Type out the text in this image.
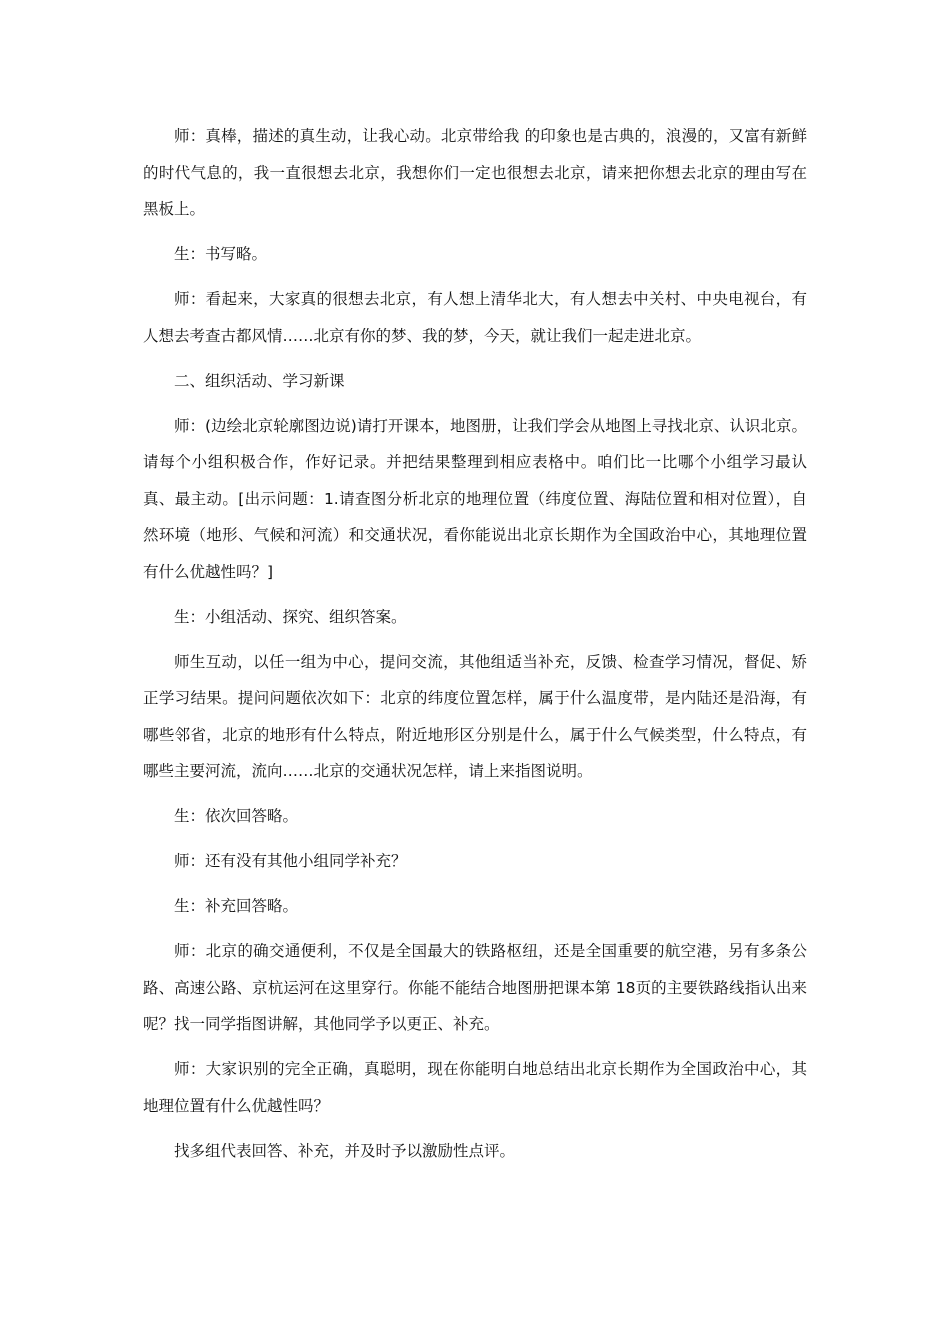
师：真棒，描述的真生动，让我心动。北京带给我 的印象也是古典的，浪漫的，又富有新鲜的时代气息的，我一直很想去北京，我想你们一定也很想去北京，请来把你想去北京的理由写在黑板上。

生：书写略。

师：看起来，大家真的很想去北京，有人想上清华北大，有人想去中关村、中央电视台，有人想去考查古都风情……北京有你的梦、我的梦，今天，就让我们一起走进北京。

二、组织活动、学习新课

师：(边绘北京轮廓图边说)请打开课本，地图册，让我们学会从地图上寻找北京、认识北京。请每个小组积极合作，作好记录。并把结果整理到相应表格中。咱们比一比哪个小组学习最认真、最主动。[出示问题：1.请查图分析北京的地理位置（纬度位置、海陆位置和相对位置），自然环境（地形、气候和河流）和交通状况，看你能说出北京长期作为全国政治中心，其地理位置有什么优越性吗？]

生：小组活动、探究、组织答案。

师生互动，以任一组为中心，提问交流，其他组适当补充，反馈、检查学习情况，督促、矫正学习结果。提问问题依次如下：北京的纬度位置怎样，属于什么温度带，是内陆还是沿海，有哪些邻省，北京的地形有什么特点，附近地形区分别是什么，属于什么气候类型，什么特点，有哪些主要河流，流向……北京的交通状况怎样，请上来指图说明。

生：依次回答略。

师：还有没有其他小组同学补充？

生：补充回答略。

师：北京的确交通便利，不仅是全国最大的铁路枢纽，还是全国重要的航空港，另有多条公路、高速公路、京杭运河在这里穿行。你能不能结合地图册把课本第 18页的主要铁路线指认出来呢？找一同学指图讲解，其他同学予以更正、补充。

师：大家识别的完全正确，真聪明，现在你能明白地总结出北京长期作为全国政治中心，其地理位置有什么优越性吗？

找多组代表回答、补充，并及时予以激励性点评。
